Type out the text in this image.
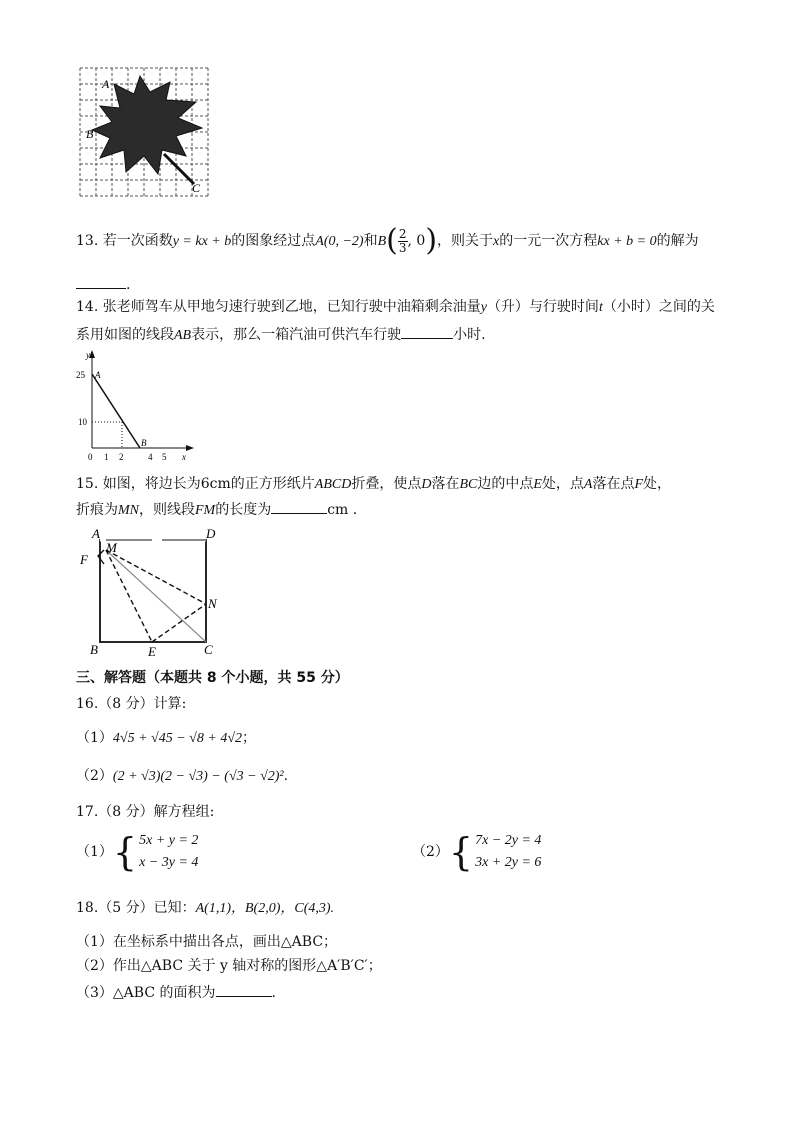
A
B
C
13. 若一次函数y = kx + b的图象经过点A(0, −2)和$B( \frac{2}{3}$ , 0)，则关于x的一元一次方程kx + b = 0的解为
.
14. 张老师驾车从甲地匀速行驶到乙地，已知行驶中油箱剩余油量y（升）与行驶时间t（小时）之间的关
系用如图的线段AB表示，那么一箱汽油可供汽车行驶	小时.
y
x
25
10
0 1 2	4 5
A
B
15. 如图，将边长为6cm的正方形纸片ABCD折叠，使点D落在BC边的中点E处，点A落在点F处，
折痕为MN，则线段FM的长度为	cm .
A	D
F
M
N
B	E	C
三、解答题（本题共 8 个小题，共 55 分）
16.（8 分）计算:
（1）4√5 + √45 − √8 + 4√2；
（2）(2 + √3)(2 − √3) − (√3 − √2)².
17.（8 分）解方程组:
（1） { 5x + y = 2
x − 3y = 4
（2） { 7x − 2y = 4
3x + 2y = 6
18.（5 分）已知：A(1,1)，B(2,0)，C(4,3).
（1）在坐标系中描出各点，画出△ABC；
（2）作出△ABC 关于 y 轴对称的图形△A′B′C′；
（3）△ABC 的面积为	.
